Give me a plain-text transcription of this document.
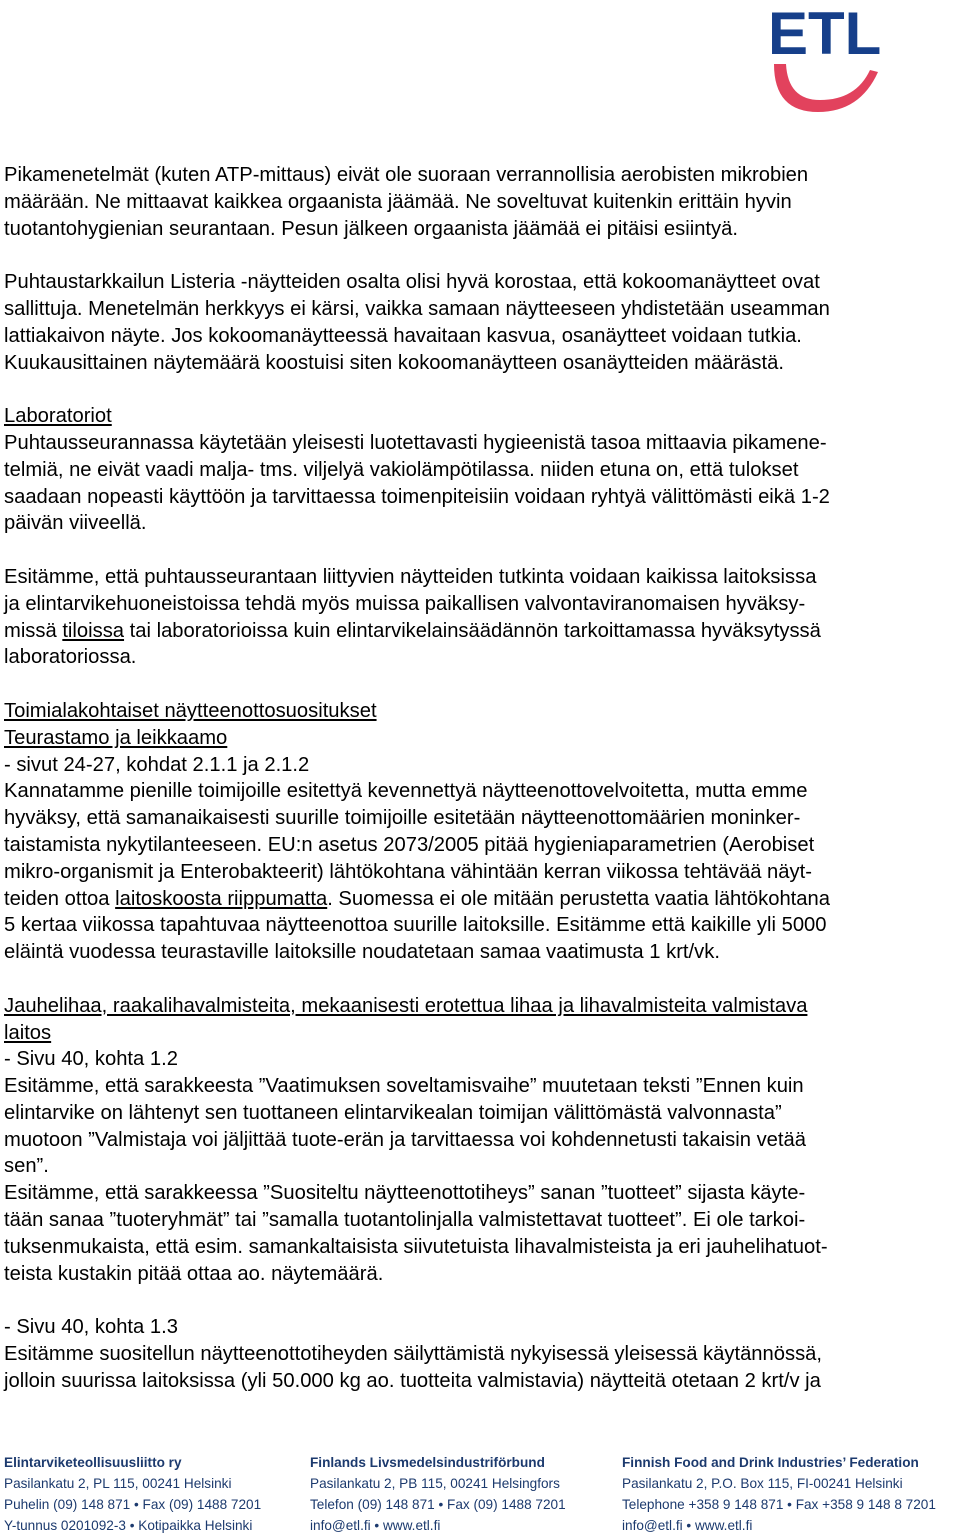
ETL

Pikamenetelmät (kuten ATP-mittaus) eivät ole suoraan verrannollisia aerobisten mikrobien
määrään. Ne mittaavat kaikkea orgaanista jäämää. Ne soveltuvat kuitenkin erittäin hyvin
tuotantohygienian seurantaan. Pesun jälkeen orgaanista jäämää ei pitäisi esiintyä.

Puhtaustarkkailun Listeria -näytteiden osalta olisi hyvä korostaa, että kokoomanäytteet ovat
sallittuja. Menetelmän herkkyys ei kärsi, vaikka samaan näytteeseen yhdistetään useamman
lattiakaivon näyte. Jos kokoomanäytteessä havaitaan kasvua, osanäytteet voidaan tutkia.
Kuukausittainen näytemäärä koostuisi siten kokoomanäytteen osanäytteiden määrästä.

Laboratoriot
Puhtausseurannassa käytetään yleisesti luotettavasti hygieenistä tasoa mittaavia pikamene-
telmiä, ne eivät vaadi malja- tms. viljelyä vakiolämpötilassa. niiden etuna on, että tulokset
saadaan nopeasti käyttöön ja tarvittaessa toimenpiteisiin voidaan ryhtyä välittömästi eikä 1-2
päivän viiveellä.

Esitämme, että puhtausseurantaan liittyvien näytteiden tutkinta voidaan kaikissa laitoksissa
ja elintarvikehuoneistoissa tehdä myös muissa paikallisen valvontaviranomaisen hyväksy-
missä tiloissa tai laboratorioissa kuin elintarvikelainsäädännön tarkoittamassa hyväksytyssä
laboratoriossa.

Toimialakohtaiset näytteenottosuositukset
Teurastamo ja leikkaamo
- sivut 24-27, kohdat 2.1.1 ja 2.1.2
Kannatamme pienille toimijoille esitettyä kevennettyä näytteenottovelvoitetta, mutta emme
hyväksy, että samanaikaisesti suurille toimijoille esitetään näytteenottomäärien moninker-
taistamista nykytilanteeseen. EU:n asetus 2073/2005 pitää hygieniaparametrien (Aerobiset
mikro-organismit ja Enterobakteerit) lähtökohtana vähintään kerran viikossa tehtävää näyt-
teiden ottoa laitoskoosta riippumatta. Suomessa ei ole mitään perustetta vaatia lähtökohtana
5 kertaa viikossa tapahtuvaa näytteenottoa suurille laitoksille. Esitämme että kaikille yli 5000
eläintä vuodessa teurastaville laitoksille noudatetaan samaa vaatimusta 1 krt/vk.

Jauhelihaa, raakalihavalmisteita, mekaanisesti erotettua lihaa ja lihavalmisteita valmistava
laitos
- Sivu 40, kohta 1.2
Esitämme, että sarakkeesta ”Vaatimuksen soveltamisvaihe” muutetaan teksti ”Ennen kuin
elintarvike on lähtenyt sen tuottaneen elintarvikealan toimijan välittömästä valvonnasta”
muotoon ”Valmistaja voi jäljittää tuote-erän ja tarvittaessa voi kohdennetusti takaisin vetää
sen”.
Esitämme, että sarakkeessa ”Suositeltu näytteenottotiheys” sanan ”tuotteet” sijasta käyte-
tään sanaa ”tuoteryhmät” tai ”samalla tuotantolinjalla valmistettavat tuotteet”. Ei ole tarkoi-
tuksenmukaista, että esim. samankaltaisista siivutetuista lihavalmisteista ja eri jauhelihatuot-
teista kustakin pitää ottaa ao. näytemäärä.

- Sivu 40, kohta 1.3
Esitämme suositellun näytteenottotiheyden säilyttämistä nykyisessä yleisessä käytännössä,
jolloin suurissa laitoksissa (yli 50.000 kg ao. tuotteita valmistavia) näytteitä otetaan 2 krt/v ja

Elintarviketeollisuusliitto ry
Pasilankatu 2, PL 115, 00241 Helsinki
Puhelin (09) 148 871 • Fax (09) 1488 7201
Y-tunnus 0201092-3 • Kotipaikka Helsinki
Finlands Livsmedelsindustriförbund
Pasilankatu 2, PB 115, 00241 Helsingfors
Telefon (09) 148 871 • Fax (09) 1488 7201
info@etl.fi • www.etl.fi
Finnish Food and Drink Industries’ Federation
Pasilankatu 2, P.O. Box 115, FI-00241 Helsinki
Telephone +358 9 148 871 • Fax +358 9 148 8 7201
info@etl.fi • www.etl.fi
